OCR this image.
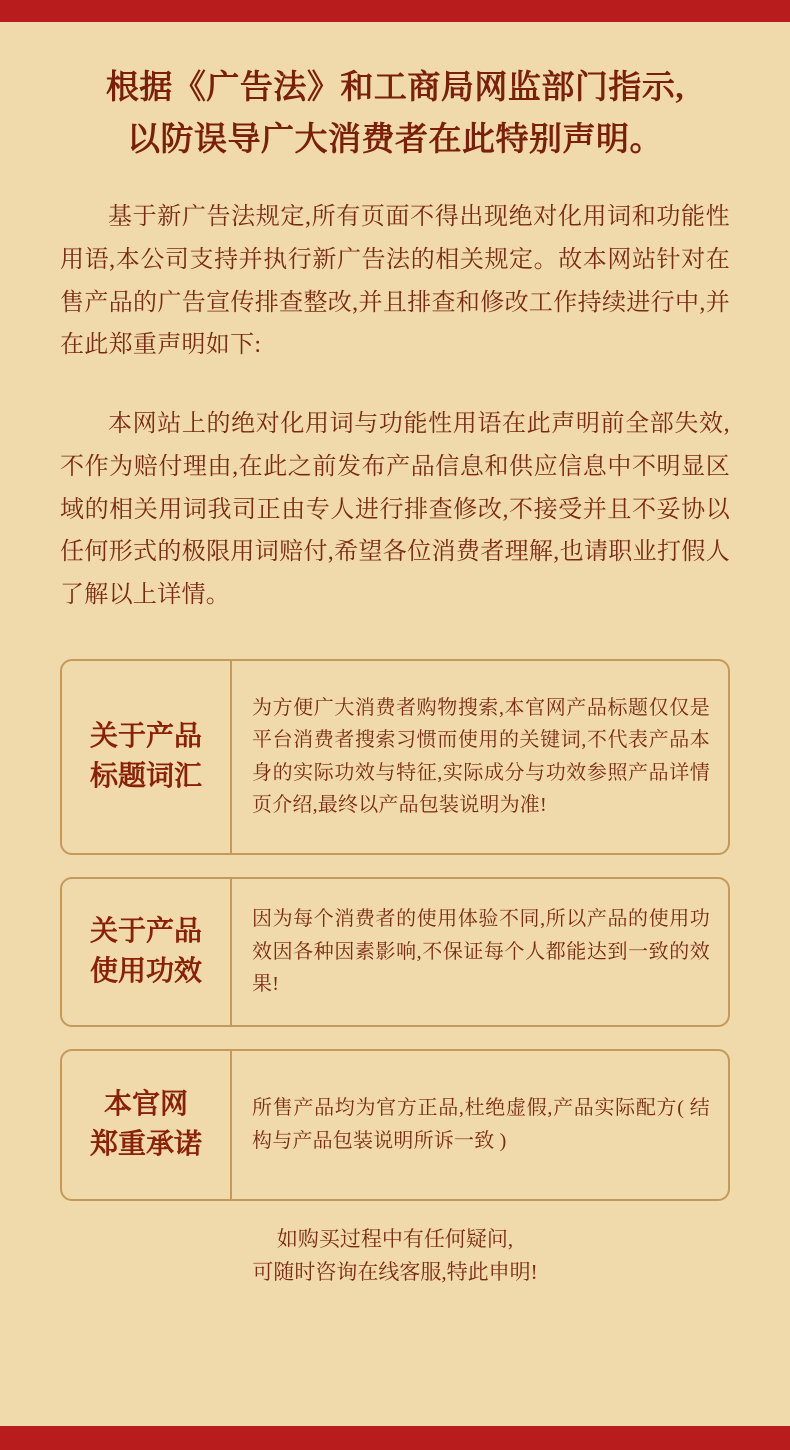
根据《广告法》和工商局网监部门指示,
以防误导广大消费者在此特别声明。

基于新广告法规定,所有页面不得出现绝对化用词和功能性用语,本公司支持并执行新广告法的相关规定。故本网站针对在售产品的广告宣传排查整改,并且排查和修改工作持续进行中,并在此郑重声明如下:

本网站上的绝对化用词与功能性用语在此声明前全部失效,不作为赔付理由,在此之前发布产品信息和供应信息中不明显区域的相关用词我司正由专人进行排查修改,不接受并且不妥协以任何形式的极限用词赔付,希望各位消费者理解,也请职业打假人了解以上详情。

关于产品
标题词汇
为方便广大消费者购物搜索,本官网产品标题仅仅是平台消费者搜索习惯而使用的关键词,不代表产品本身的实际功效与特征,实际成分与功效参照产品详情页介绍,最终以产品包装说明为准!
关于产品
使用功效
因为每个消费者的使用体验不同,所以产品的使用功效因各种因素影响,不保证每个人都能达到一致的效果!
本官网
郑重承诺
所售产品均为官方正品,杜绝虚假,产品实际配方( 结构与产品包装说明所诉一致 )
如购买过程中有任何疑问,
可随时咨询在线客服,特此申明!
